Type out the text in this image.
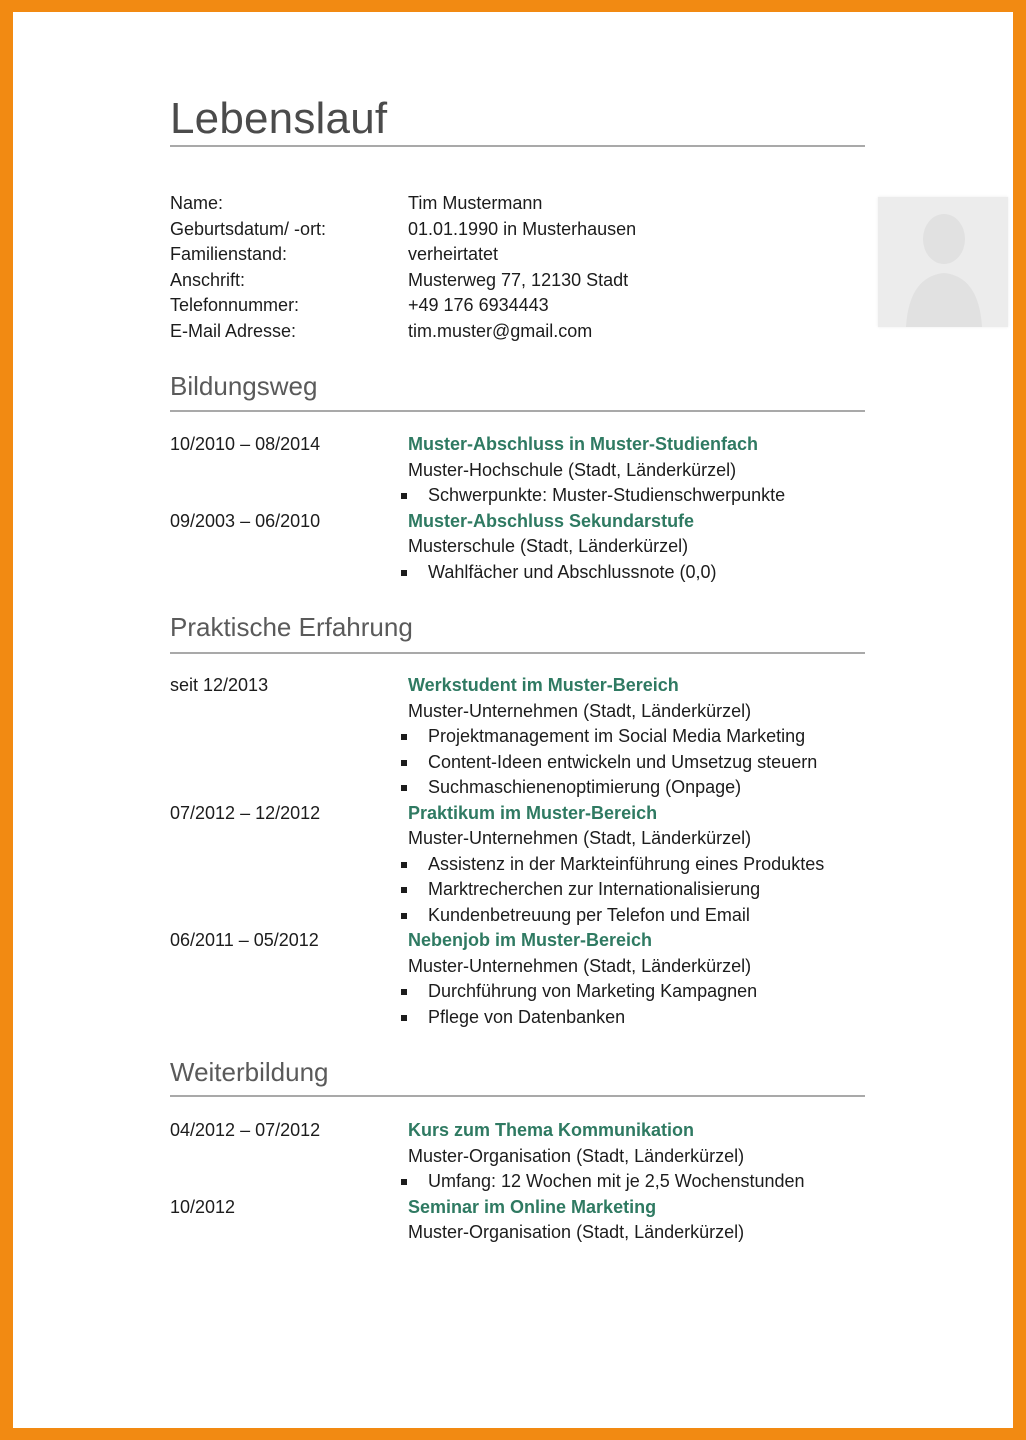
Lebenslauf
Name:	Tim Mustermann
Geburtsdatum/ -ort:	01.01.1990 in Musterhausen
Familienstand:	verheirtatet
Anschrift:	Musterweg 77, 12130 Stadt
Telefonnummer:	+49 176 6934443
E-Mail Adresse:	tim.muster@gmail.com
Bildungsweg
10/2010 – 08/2014	Muster-Abschluss in Muster-Studienfach
Muster-Hochschule (Stadt, Länderkürzel)
Schwerpunkte: Muster-Studienschwerpunkte
09/2003 – 06/2010	Muster-Abschluss Sekundarstufe
Musterschule (Stadt, Länderkürzel)
Wahlfächer und Abschlussnote (0,0)
Praktische Erfahrung
seit 12/2013	Werkstudent im Muster-Bereich
Muster-Unternehmen (Stadt, Länderkürzel)
Projektmanagement im Social Media Marketing
Content-Ideen entwickeln und Umsetzug steuern
Suchmaschienenoptimierung (Onpage)
07/2012 – 12/2012	Praktikum im Muster-Bereich
Muster-Unternehmen (Stadt, Länderkürzel)
Assistenz in der Markteinführung eines Produktes
Marktrecherchen zur Internationalisierung
Kundenbetreuung per Telefon und Email
06/2011 – 05/2012	Nebenjob im Muster-Bereich
Muster-Unternehmen (Stadt, Länderkürzel)
Durchführung von Marketing Kampagnen
Pflege von Datenbanken
Weiterbildung
04/2012 – 07/2012	Kurs zum Thema Kommunikation
Muster-Organisation (Stadt, Länderkürzel)
Umfang: 12 Wochen mit je 2,5 Wochenstunden
10/2012	Seminar im Online Marketing
Muster-Organisation (Stadt, Länderkürzel)
